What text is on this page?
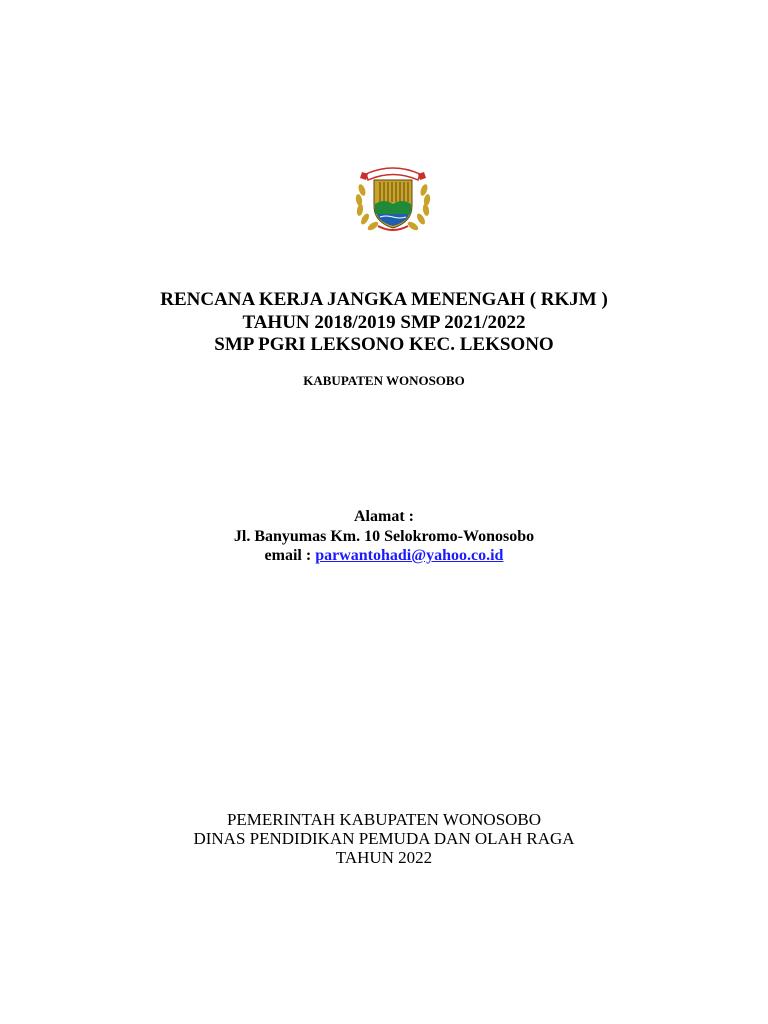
RENCANA KERJA JANGKA MENENGAH ( RKJM )
TAHUN 2018/2019 SMP 2021/2022
SMP PGRI LEKSONO KEC. LEKSONO
KABUPATEN WONOSOBO
Alamat :
Jl. Banyumas Km. 10 Selokromo-Wonosobo
email : parwantohadi@yahoo.co.id
PEMERINTAH KABUPATEN WONOSOBO
DINAS PENDIDIKAN PEMUDA DAN OLAH RAGA
TAHUN 2022
